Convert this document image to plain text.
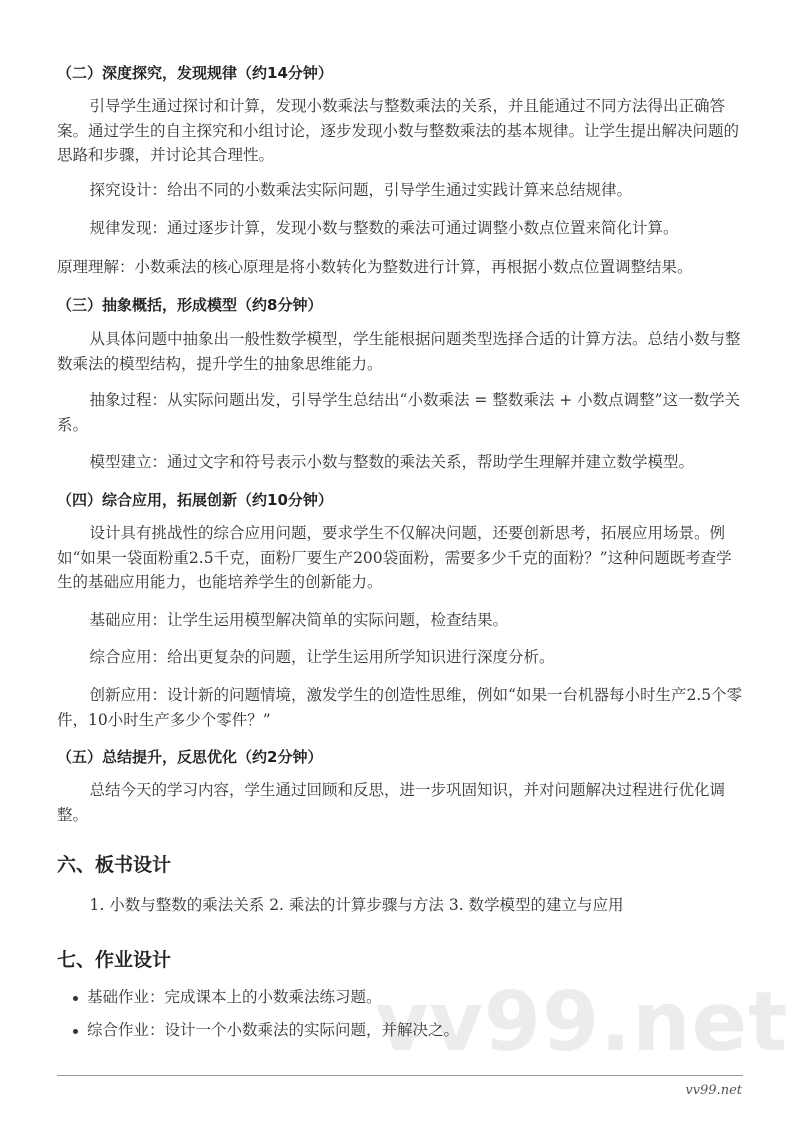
vv99.net
（二）深度探究，发现规律（约14分钟）
引导学生通过探讨和计算，发现小数乘法与整数乘法的关系，并且能通过不同方法得出正确答案。通过学生的自主探究和小组讨论，逐步发现小数与整数乘法的基本规律。让学生提出解决问题的思路和步骤，并讨论其合理性。
探究设计：给出不同的小数乘法实际问题，引导学生通过实践计算来总结规律。
规律发现：通过逐步计算，发现小数与整数的乘法可通过调整小数点位置来简化计算。
原理理解：小数乘法的核心原理是将小数转化为整数进行计算，再根据小数点位置调整结果。
（三）抽象概括，形成模型（约8分钟）
从具体问题中抽象出一般性数学模型，学生能根据问题类型选择合适的计算方法。总结小数与整数乘法的模型结构，提升学生的抽象思维能力。
抽象过程：从实际问题出发，引导学生总结出“小数乘法 = 整数乘法 + 小数点调整”这一数学关系。
模型建立：通过文字和符号表示小数与整数的乘法关系，帮助学生理解并建立数学模型。
（四）综合应用，拓展创新（约10分钟）
设计具有挑战性的综合应用问题，要求学生不仅解决问题，还要创新思考，拓展应用场景。例如“如果一袋面粉重2.5千克，面粉厂要生产200袋面粉，需要多少千克的面粉？”这种问题既考查学生的基础应用能力，也能培养学生的创新能力。
基础应用：让学生运用模型解决简单的实际问题，检查结果。
综合应用：给出更复杂的问题，让学生运用所学知识进行深度分析。
创新应用：设计新的问题情境，激发学生的创造性思维，例如“如果一台机器每小时生产2.5个零件，10小时生产多少个零件？”
（五）总结提升，反思优化（约2分钟）
总结今天的学习内容，学生通过回顾和反思，进一步巩固知识，并对问题解决过程进行优化调整。
六、板书设计
1. 小数与整数的乘法关系 2. 乘法的计算步骤与方法 3. 数学模型的建立与应用
七、作业设计
基础作业：完成课本上的小数乘法练习题。
综合作业：设计一个小数乘法的实际问题，并解决之。
vv99.net
